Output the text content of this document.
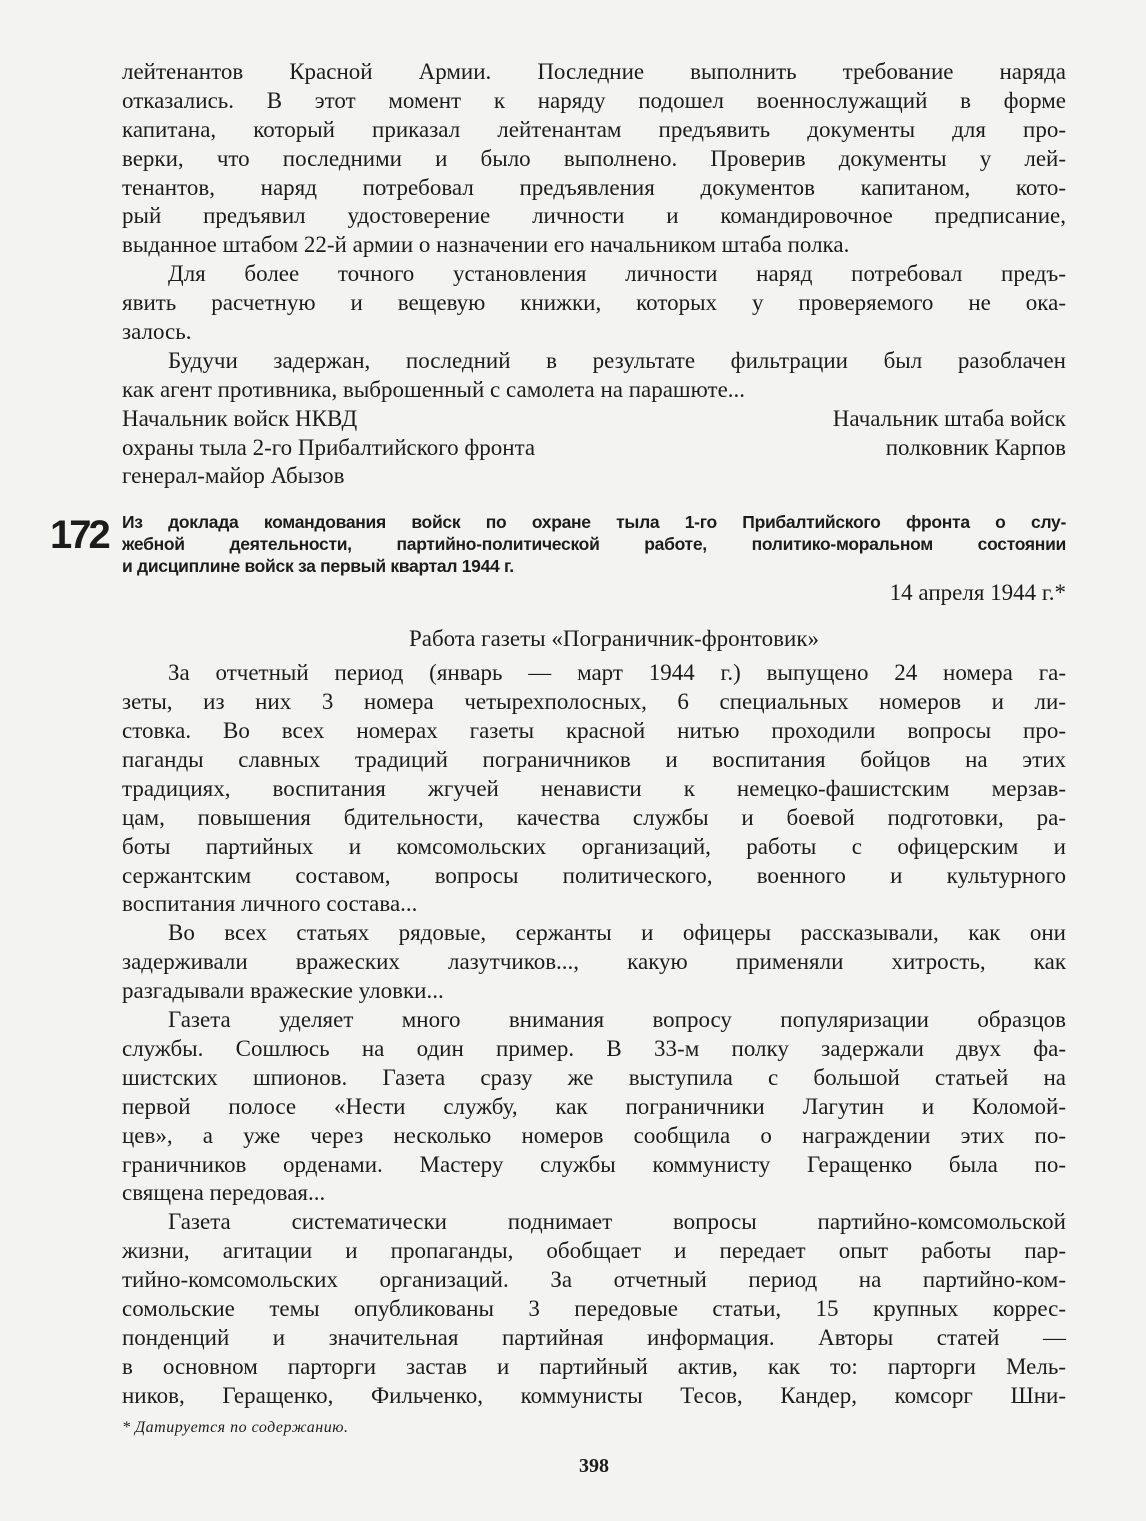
лейтенантов Красной Армии. Последние выполнить требование наряда
отказались. В этот момент к наряду подошел военнослужащий в форме
капитана, который приказал лейтенантам предъявить документы для про-
верки, что последними и было выполнено. Проверив документы у лей-
тенантов, наряд потребовал предъявления документов капитаном, кото-
рый предъявил удостоверение личности и командировочное предписание,
выданное штабом 22-й армии о назначении его начальником штаба полка.
Для более точного установления личности наряд потребовал предъ-
явить расчетную и вещевую книжки, которых у проверяемого не ока-
залось.
Будучи задержан, последний в результате фильтрации был разоблачен
как агент противника, выброшенный с самолета на парашюте...
Начальник войск НКВД	Начальник штаба войск
охраны тыла 2-го Прибалтийского фронта	полковник Карпов
генерал-майор Абызов
172 Из доклада командования войск по охране тыла 1-го Прибалтийского фронта о слу-
жебной деятельности, партийно-политической работе, политико-моральном состоянии
и дисциплине войск за первый квартал 1944 г.
14 апреля 1944 г.*
Работа газеты «Пограничник-фронтовик»
За отчетный период (январь — март 1944 г.) выпущено 24 номера га-
зеты, из них 3 номера четырехполосных, 6 специальных номеров и ли-
стовка. Во всех номерах газеты красной нитью проходили вопросы про-
паганды славных традиций пограничников и воспитания бойцов на этих
традициях, воспитания жгучей ненависти к немецко-фашистским мерзав-
цам, повышения бдительности, качества службы и боевой подготовки, ра-
боты партийных и комсомольских организаций, работы с офицерским и
сержантским составом, вопросы политического, военного и культурного
воспитания личного состава...
Во всех статьях рядовые, сержанты и офицеры рассказывали, как они
задерживали вражеских лазутчиков..., какую применяли хитрость, как
разгадывали вражеские уловки...
Газета уделяет много внимания вопросу популяризации образцов
службы. Сошлюсь на один пример. В 33-м полку задержали двух фа-
шистских шпионов. Газета сразу же выступила с большой статьей на
первой полосе «Нести службу, как пограничники Лагутин и Коломой-
цев», а уже через несколько номеров сообщила о награждении этих по-
граничников орденами. Мастеру службы коммунисту Геращенко была по-
священа передовая...
Газета систематически поднимает вопросы партийно-комсомольской
жизни, агитации и пропаганды, обобщает и передает опыт работы пар-
тийно-комсомольских организаций. За отчетный период на партийно-ком-
сомольские темы опубликованы 3 передовые статьи, 15 крупных коррес-
понденций и значительная партийная информация. Авторы статей —
в основном парторги застав и партийный актив, как то: парторги Мель-
ников, Геращенко, Фильченко, коммунисты Тесов, Кандер, комсорг Шни-
* Датируется по содержанию.
398
